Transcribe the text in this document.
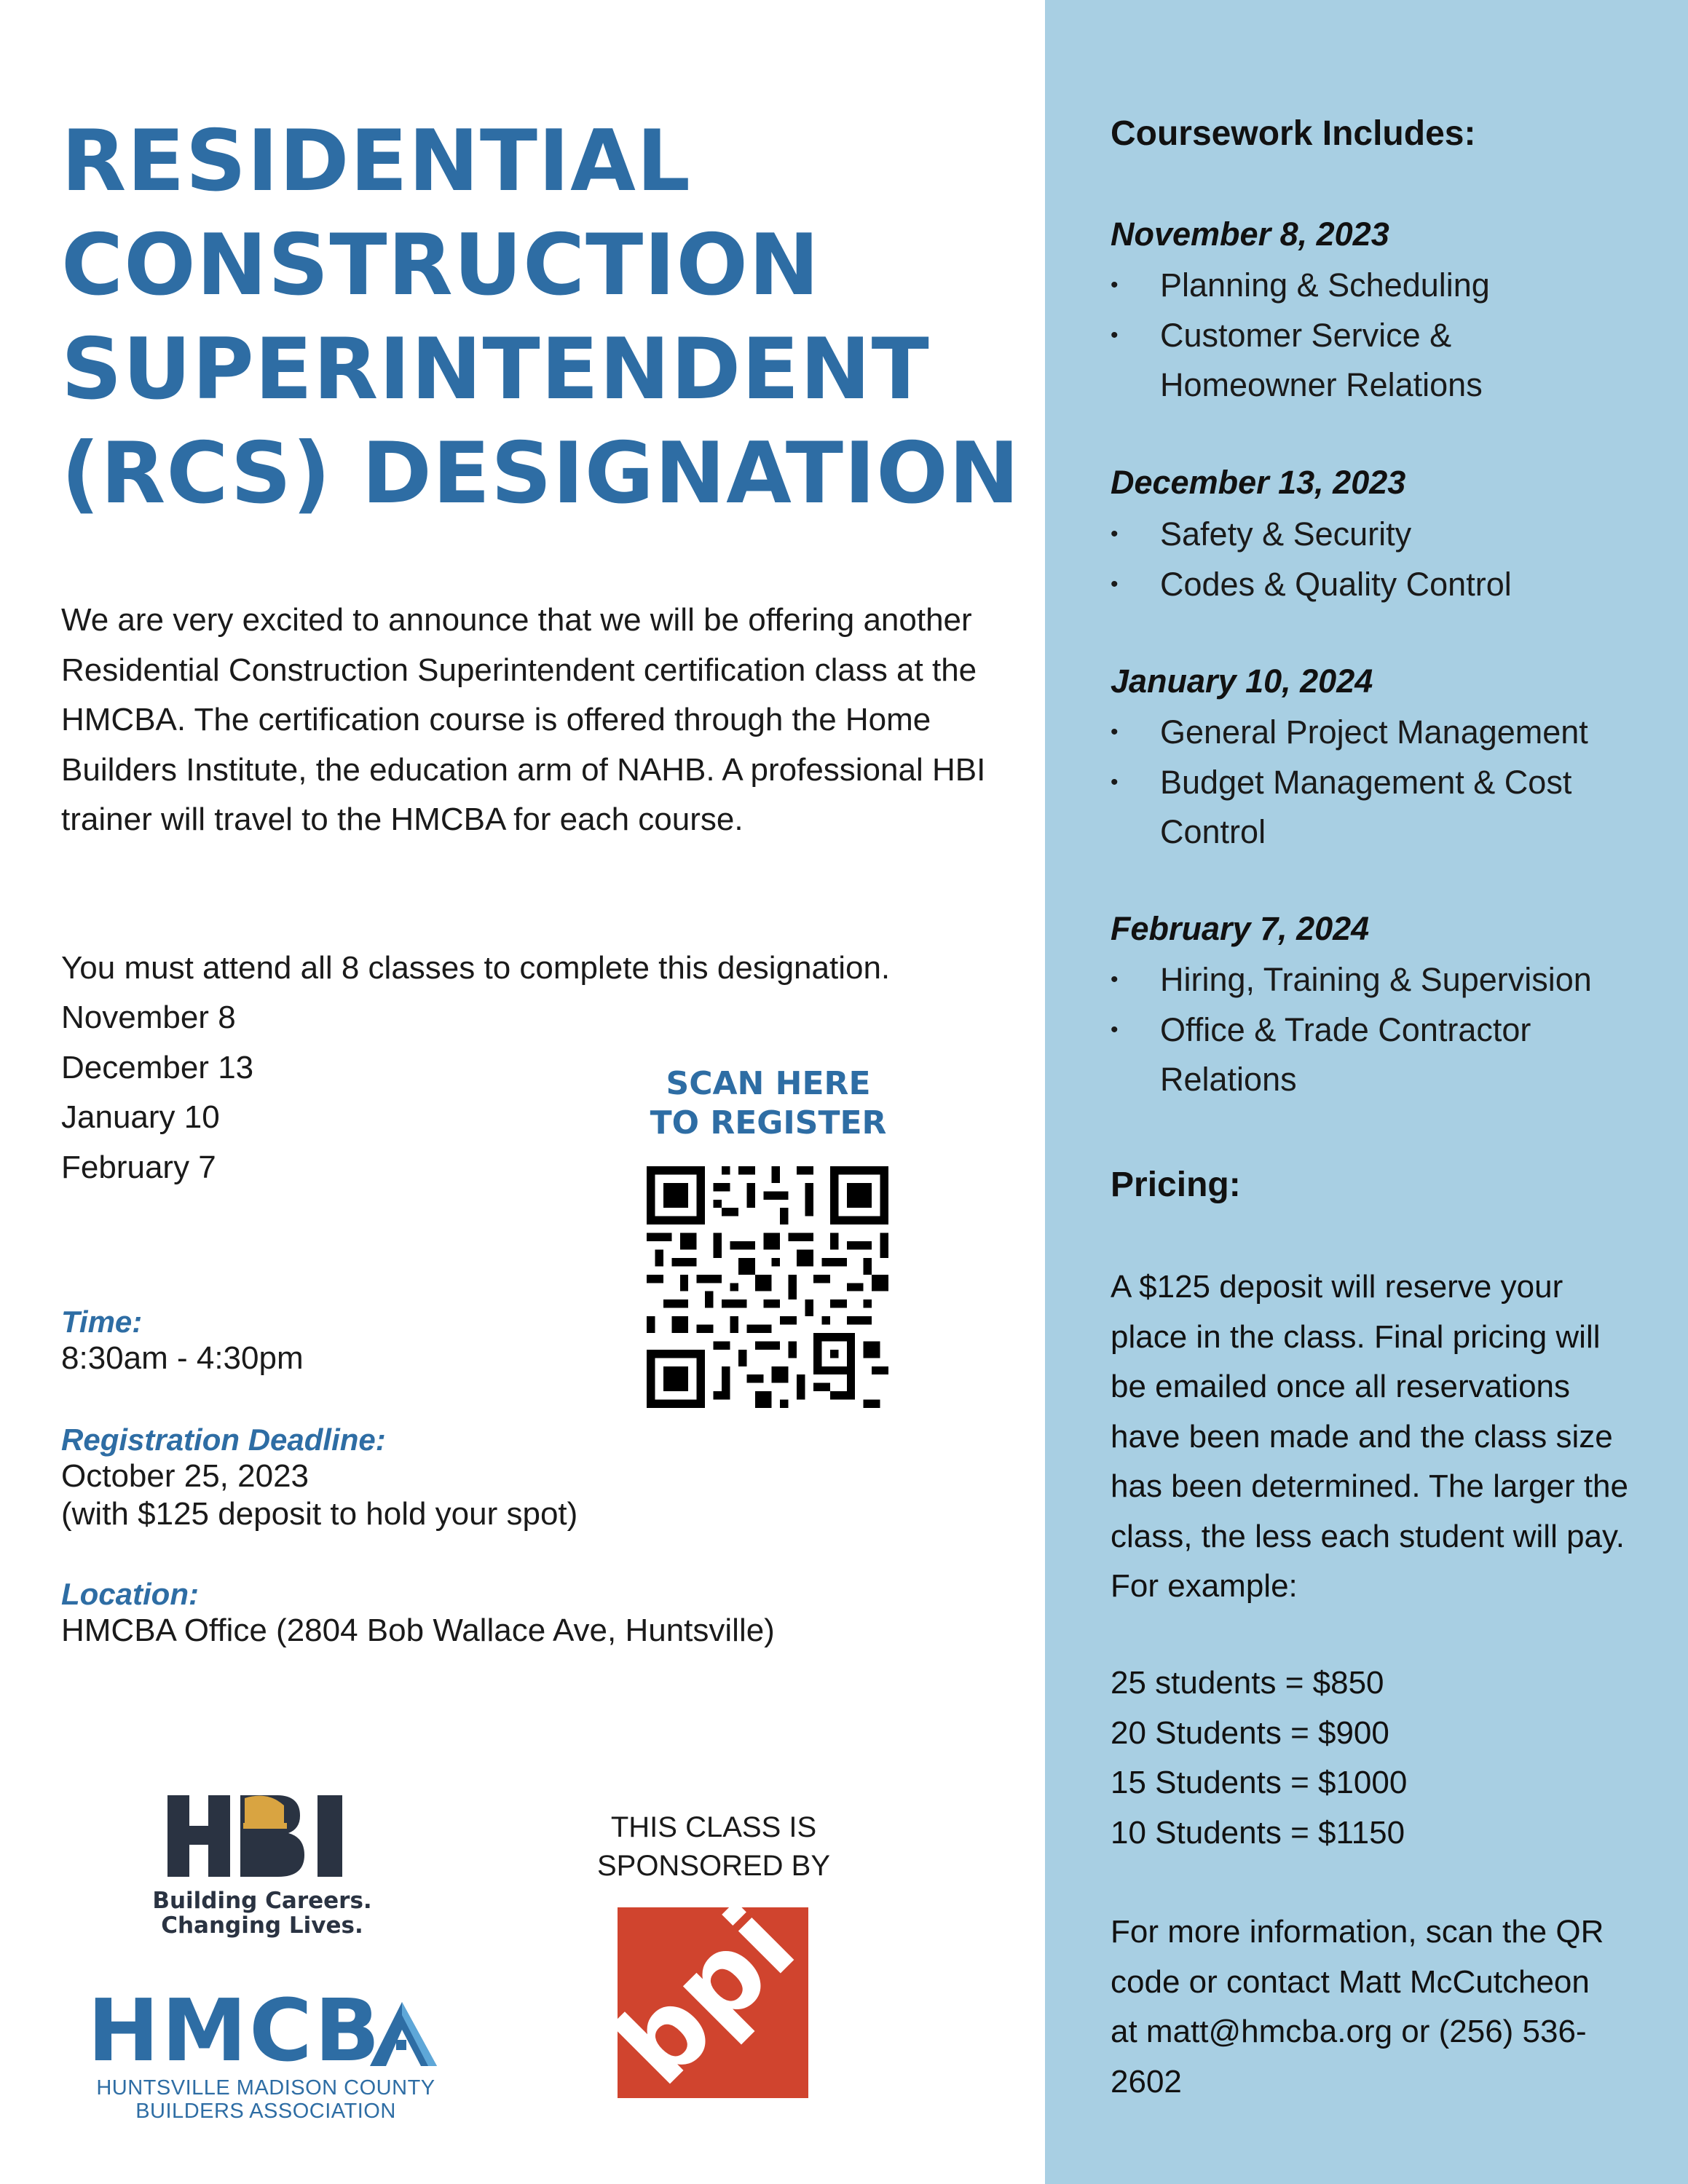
RESIDENTIAL
CONSTRUCTION
SUPERINTENDENT
(RCS) DESIGNATION

We are very excited to announce that we will be offering another Residential Construction Superintendent certification class at the HMCBA. The certification course is offered through the Home Builders Institute, the education arm of NAHB. A professional HBI trainer will travel to the HMCBA for each course.

You must attend all 8 classes to complete this designation.

November 8
December 13
January 10
February 7
Time:
8:30am - 4:30pm
Registration Deadline:
October 25, 2023
(with $125 deposit to hold your spot)
Location:
HMCBA Office (2804 Bob Wallace Ave, Huntsville)
SCAN HERE
TO REGISTER
Building Careers.
Changing Lives.
HMCB
HUNTSVILLE MADISON COUNTY
BUILDERS ASSOCIATION
THIS CLASS IS
SPONSORED BY
bpi
Coursework Includes:
November 8, 2023
• Planning & Scheduling
• Customer Service & Homeowner Relations
December 13, 2023
• Safety & Security
• Codes & Quality Control
January 10, 2024
• General Project Management
• Budget Management & Cost Control
February 7, 2024
• Hiring, Training & Supervision
• Office & Trade Contractor Relations
Pricing:

A $125 deposit will reserve your place in the class. Final pricing will be emailed once all reservations have been made and the class size has been determined. The larger the class, the less each student will pay. For example:

25 students = $850
20 Students = $900
15 Students = $1000
10 Students = $1150

For more information, scan the QR code or contact Matt McCutcheon at matt@hmcba.org or (256) 536-2602
